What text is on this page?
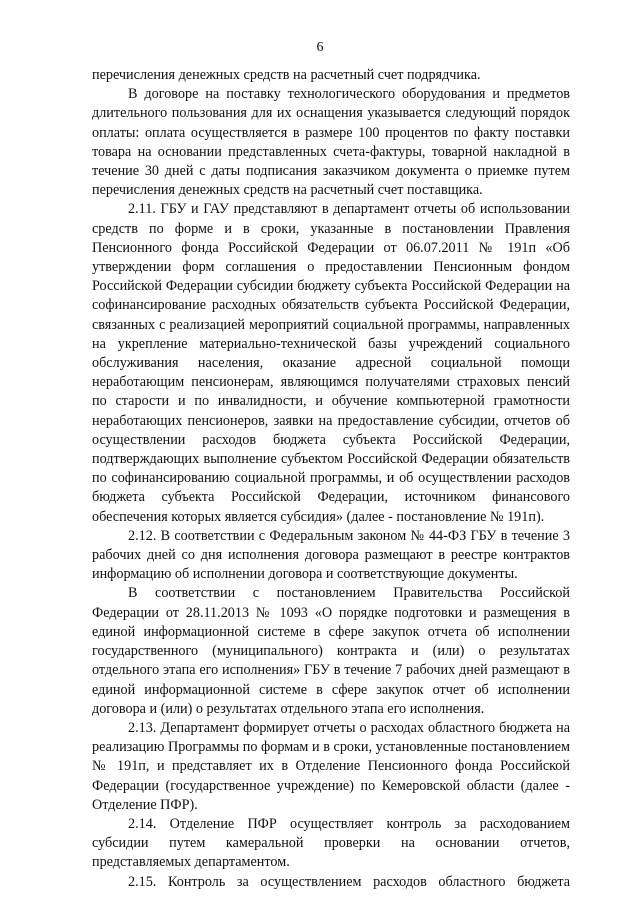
6

перечисления денежных средств на расчетный счет подрядчика.

В договоре на поставку технологического оборудования и предметов длительного пользования для их оснащения указывается следующий порядок оплаты: оплата осуществляется в размере 100 процентов по факту поставки товара на основании представленных счета-фактуры, товарной накладной в течение 30 дней с даты подписания заказчиком документа о приемке путем перечисления денежных средств на расчетный счет поставщика.

2.11. ГБУ и ГАУ представляют в департамент отчеты об использовании средств по форме и в сроки, указанные в постановлении Правления Пенсионного фонда Российской Федерации от 06.07.2011 № 191п «Об утверждении форм соглашения о предоставлении Пенсионным фондом Российской Федерации субсидии бюджету субъекта Российской Федерации на софинансирование расходных обязательств субъекта Российской Федерации, связанных с реализацией мероприятий социальной программы, направленных на укрепление материально-технической базы учреждений социального обслуживания населения, оказание адресной социальной помощи неработающим пенсионерам, являющимся получателями страховых пенсий по старости и по инвалидности, и обучение компьютерной грамотности неработающих пенсионеров, заявки на предоставление субсидии, отчетов об осуществлении расходов бюджета субъекта Российской Федерации, подтверждающих выполнение субъектом Российской Федерации обязательств по софинансированию социальной программы, и об осуществлении расходов бюджета субъекта Российской Федерации, источником финансового обеспечения которых является субсидия» (далее - постановление № 191п).

2.12. В соответствии с Федеральным законом № 44-ФЗ ГБУ в течение 3 рабочих дней со дня исполнения договора размещают в реестре контрактов информацию об исполнении договора и соответствующие документы.

В соответствии с постановлением Правительства Российской Федерации от 28.11.2013 № 1093 «О порядке подготовки и размещения в единой информационной системе в сфере закупок отчета об исполнении государственного (муниципального) контракта и (или) о результатах отдельного этапа его исполнения» ГБУ в течение 7 рабочих дней размещают в единой информационной системе в сфере закупок отчет об исполнении договора и (или) о результатах отдельного этапа его исполнения.

2.13. Департамент формирует отчеты о расходах областного бюджета на реализацию Программы по формам и в сроки, установленные постановлением № 191п, и представляет их в Отделение Пенсионного фонда Российской Федерации (государственное учреждение) по Кемеровской области (далее - Отделение ПФР).

2.14. Отделение ПФР осуществляет контроль за расходованием субсидии путем камеральной проверки на основании отчетов, представляемых департаментом.

2.15. Контроль за осуществлением расходов областного бюджета
